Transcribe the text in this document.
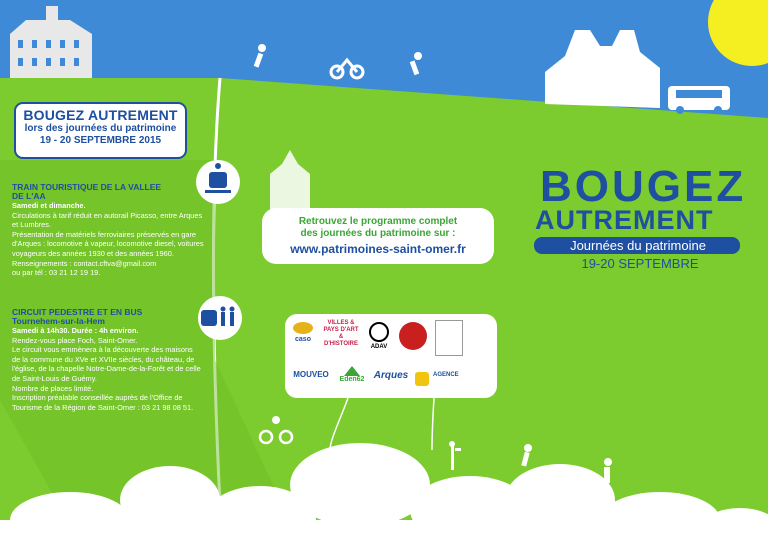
BOUGEZ AUTREMENT
lors des journées du patrimoine
19 - 20 SEPTEMBRE 2015
TRAIN TOURISTIQUE DE LA VALLEE
DE L'AA
Samedi et dimanche.
Circulations à tarif réduit en autorail Picasso, entre Arques
et Lumbres.
Présentation de matériels ferroviaires préservés en gare
d'Arques : locomotive à vapeur, locomotive diesel, voitures
voyageurs des années 1930 et des années 1960.
Renseignements : contact.cftva@gmail.com
ou par tél : 03 21 12 19 19.
CIRCUIT PEDESTRE ET EN BUS
Tournehem-sur-la-Hem
Samedi à 14h30. Durée : 4h environ.
Rendez-vous place Foch, Saint-Omer.
Le circuit vous emmènera à la découverte des maisons
de la commune du XVe et XVIIe siècles, du château, de
l'église, de la chapelle Notre-Dame-de-la-Forêt et de celle
de Saint-Louis de Guémy.
Nombre de places limité.
Inscription préalable conseillée auprès de l'Office de
Tourisme de la Région de Saint-Omer : 03 21 98 08 51.
Retrouvez le programme complet
des journées du patrimoine sur :
www.patrimoines-saint-omer.fr
caso
VILLES & PAYS D'ART & D'HISTOIRE	ADAV
MOUVEO
Eden62 Arques	AGENCE
BOUGEZ
AUTREMENT
Journées du patrimoine
19-20 SEPTEMBRE
